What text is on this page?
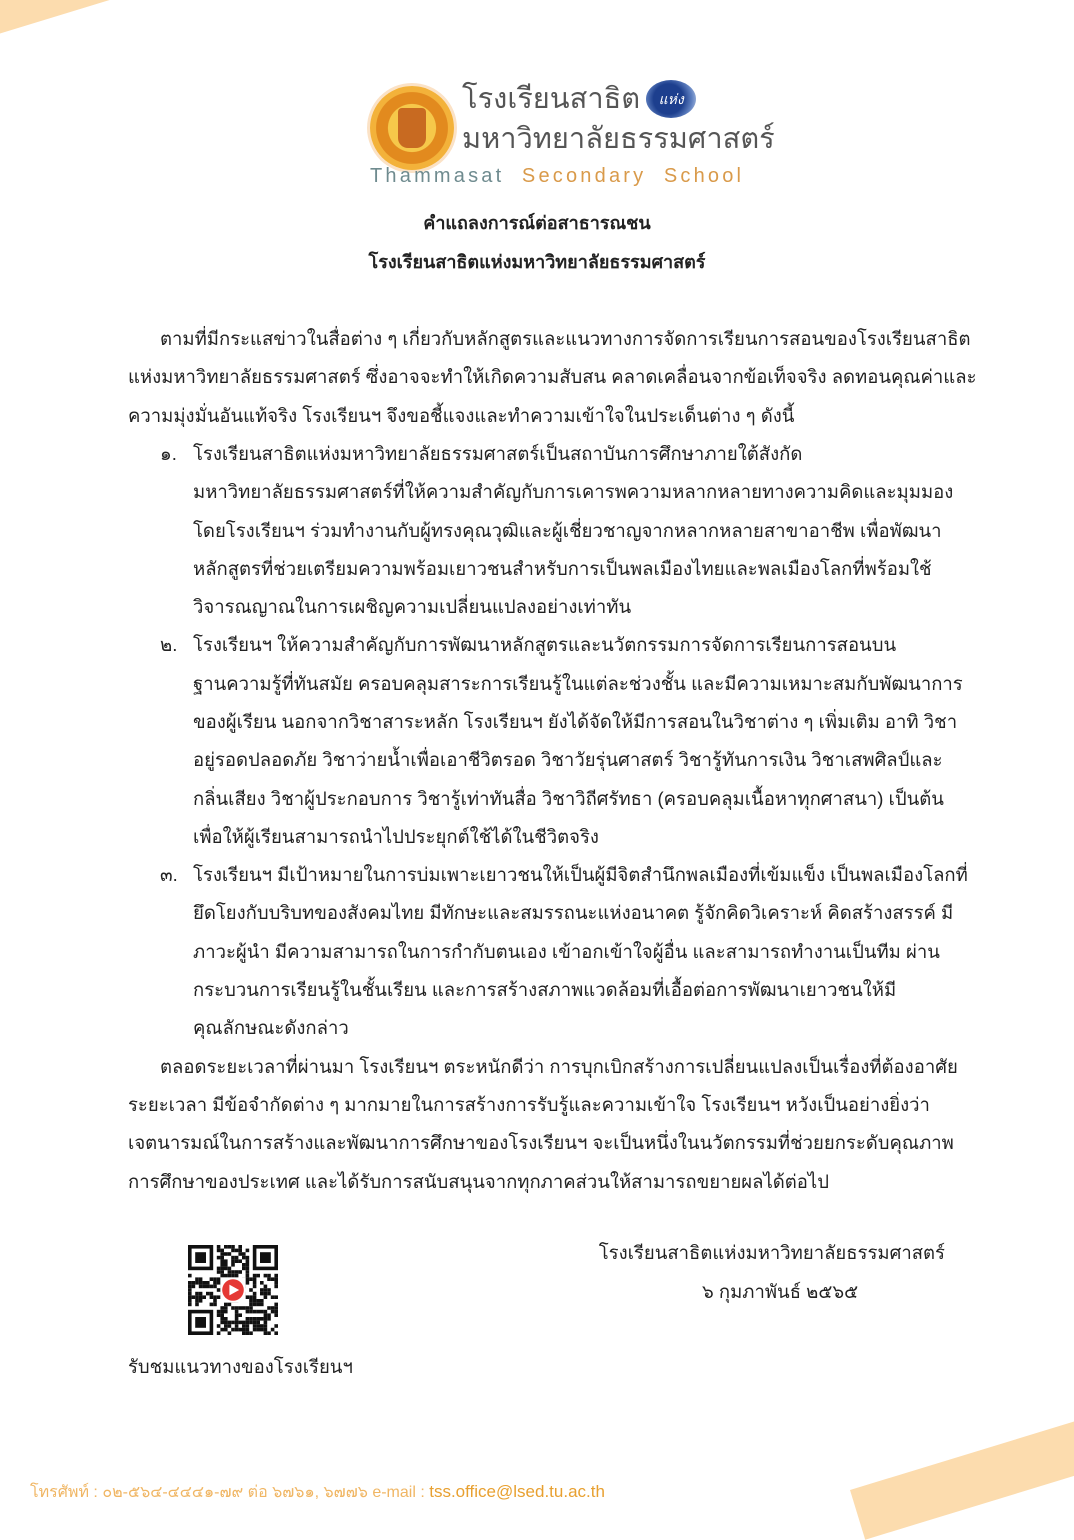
โรงเรียนสาธิต	แห่ง
มหาวิทยาลัยธรรมศาสตร์
Thammasat Secondary School
คำแถลงการณ์ต่อสาธารณชน
โรงเรียนสาธิตแห่งมหาวิทยาลัยธรรมศาสตร์
ตามที่มีกระแสข่าวในสื่อต่าง ๆ เกี่ยวกับหลักสูตรและแนวทางการจัดการเรียนการสอนของโรงเรียนสาธิต
แห่งมหาวิทยาลัยธรรมศาสตร์ ซึ่งอาจจะทำให้เกิดความสับสน คลาดเคลื่อนจากข้อเท็จจริง ลดทอนคุณค่าและ
ความมุ่งมั่นอันแท้จริง โรงเรียนฯ จึงขอชี้แจงและทำความเข้าใจในประเด็นต่าง ๆ ดังนี้
๑. โรงเรียนสาธิตแห่งมหาวิทยาลัยธรรมศาสตร์เป็นสถาบันการศึกษาภายใต้สังกัด
มหาวิทยาลัยธรรมศาสตร์ที่ให้ความสำคัญกับการเคารพความหลากหลายทางความคิดและมุมมอง
โดยโรงเรียนฯ ร่วมทำงานกับผู้ทรงคุณวุฒิและผู้เชี่ยวชาญจากหลากหลายสาขาอาชีพ เพื่อพัฒนา
หลักสูตรที่ช่วยเตรียมความพร้อมเยาวชนสำหรับการเป็นพลเมืองไทยและพลเมืองโลกที่พร้อมใช้
วิจารณญาณในการเผชิญความเปลี่ยนแปลงอย่างเท่าทัน
๒. โรงเรียนฯ ให้ความสำคัญกับการพัฒนาหลักสูตรและนวัตกรรมการจัดการเรียนการสอนบน
ฐานความรู้ที่ทันสมัย ครอบคลุมสาระการเรียนรู้ในแต่ละช่วงชั้น และมีความเหมาะสมกับพัฒนาการ
ของผู้เรียน นอกจากวิชาสาระหลัก โรงเรียนฯ ยังได้จัดให้มีการสอนในวิชาต่าง ๆ เพิ่มเติม อาทิ วิชา
อยู่รอดปลอดภัย วิชาว่ายน้ำเพื่อเอาชีวิตรอด วิชาวัยรุ่นศาสตร์ วิชารู้ทันการเงิน วิชาเสพศิลป์และ
กลิ่นเสียง วิชาผู้ประกอบการ วิชารู้เท่าทันสื่อ วิชาวิถีศรัทธา (ครอบคลุมเนื้อหาทุกศาสนา) เป็นต้น
เพื่อให้ผู้เรียนสามารถนำไปประยุกต์ใช้ได้ในชีวิตจริง
๓. โรงเรียนฯ มีเป้าหมายในการบ่มเพาะเยาวชนให้เป็นผู้มีจิตสำนึกพลเมืองที่เข้มแข็ง เป็นพลเมืองโลกที่
ยึดโยงกับบริบทของสังคมไทย มีทักษะและสมรรถนะแห่งอนาคต รู้จักคิดวิเคราะห์ คิดสร้างสรรค์ มี
ภาวะผู้นำ มีความสามารถในการกำกับตนเอง เข้าอกเข้าใจผู้อื่น และสามารถทำงานเป็นทีม ผ่าน
กระบวนการเรียนรู้ในชั้นเรียน และการสร้างสภาพแวดล้อมที่เอื้อต่อการพัฒนาเยาวชนให้มี
คุณลักษณะดังกล่าว
ตลอดระยะเวลาที่ผ่านมา โรงเรียนฯ ตระหนักดีว่า การบุกเบิกสร้างการเปลี่ยนแปลงเป็นเรื่องที่ต้องอาศัย
ระยะเวลา มีข้อจำกัดต่าง ๆ มากมายในการสร้างการรับรู้และความเข้าใจ โรงเรียนฯ หวังเป็นอย่างยิ่งว่า
เจตนารมณ์ในการสร้างและพัฒนาการศึกษาของโรงเรียนฯ จะเป็นหนึ่งในนวัตกรรมที่ช่วยยกระดับคุณภาพ
การศึกษาของประเทศ และได้รับการสนับสนุนจากทุกภาคส่วนให้สามารถขยายผลได้ต่อไป
โรงเรียนสาธิตแห่งมหาวิทยาลัยธรรมศาสตร์
๖ กุมภาพันธ์ ๒๕๖๕
รับชมแนวทางของโรงเรียนฯ
โทรศัพท์ : ๐๒-๕๖๔-๔๔๔๑-๗๙ ต่อ ๖๗๖๑, ๖๗๗๖ e-mail : tss.office@lsed.tu.ac.th
